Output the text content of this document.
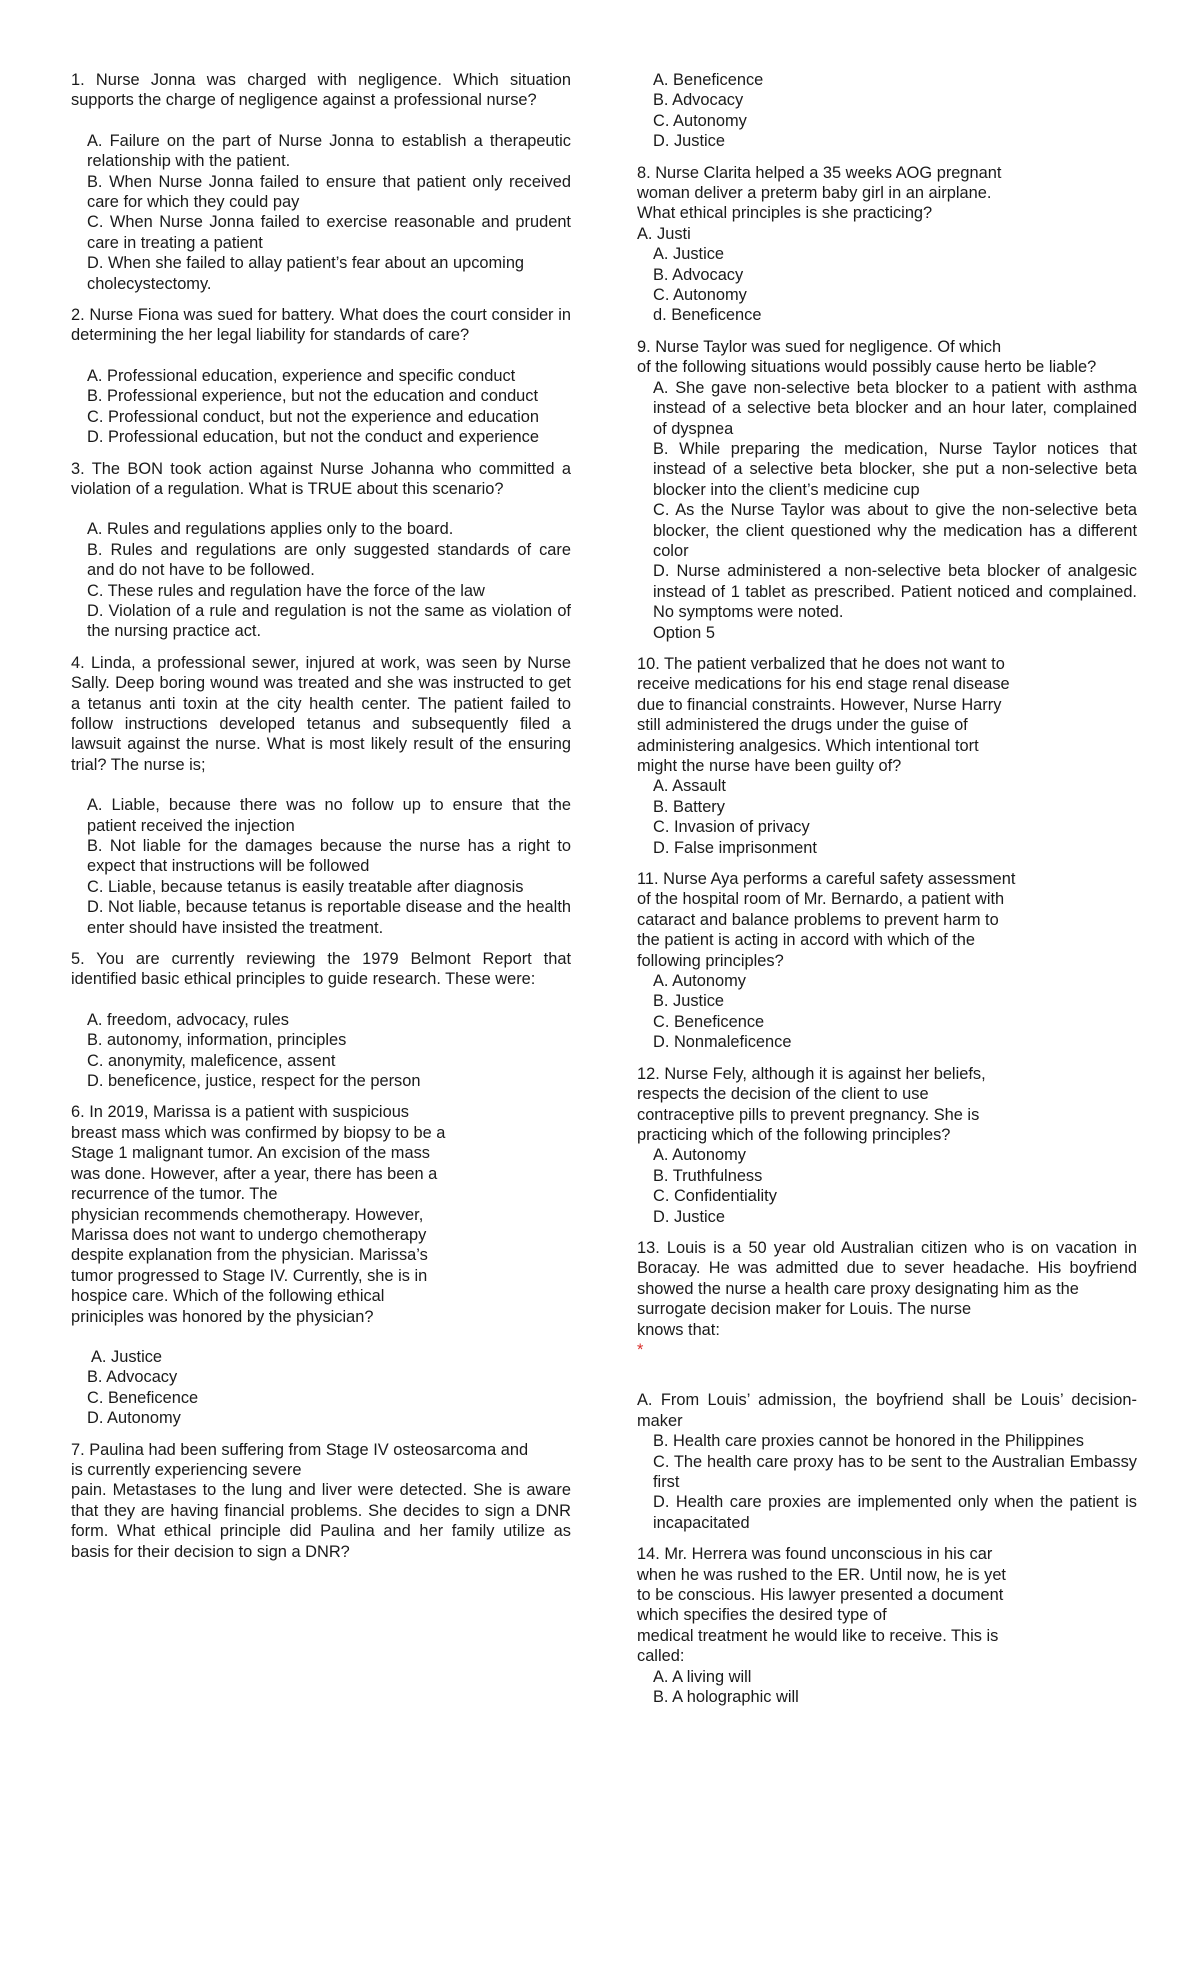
1. Nurse Jonna was charged with negligence. Which situation supports the charge of negligence against a professional nurse?
A. Failure on the part of Nurse Jonna to establish a therapeutic relationship with the patient.
B. When Nurse Jonna failed to ensure that patient only received care for which they could pay
C. When Nurse Jonna failed to exercise reasonable and prudent care in treating a patient
D. When she failed to allay patient’s fear about an upcoming cholecystectomy.
2. Nurse Fiona was sued for battery. What does the court consider in determining the her legal liability for standards of care?
A. Professional education, experience and specific conduct
B. Professional experience, but not the education and conduct
C. Professional conduct, but not the experience and education
D. Professional education, but not the conduct and experience
3. The BON took action against Nurse Johanna who committed a violation of a regulation. What is TRUE about this scenario?
A. Rules and regulations applies only to the board.
B. Rules and regulations are only suggested standards of care and do not have to be followed.
C. These rules and regulation have the force of the law
D. Violation of a rule and regulation is not the same as violation of the nursing practice act.
4. Linda, a professional sewer, injured at work, was seen by Nurse Sally. Deep boring wound was treated and she was instructed to get a tetanus anti toxin at the city health center. The patient failed to follow instructions developed tetanus and subsequently filed a lawsuit against the nurse. What is most likely result of the ensuring trial? The nurse is;
A. Liable, because there was no follow up to ensure that the patient received the injection
B. Not liable for the damages because the nurse has a right to expect that instructions will be followed
C. Liable, because tetanus is easily treatable after diagnosis
D. Not liable, because tetanus is reportable disease and the health enter should have insisted the treatment.
5. You are currently reviewing the 1979 Belmont Report that identified basic ethical principles to guide research. These were:
A. freedom, advocacy, rules
B. autonomy, information, principles
C. anonymity, maleficence, assent
D. beneficence, justice, respect for the person
6. In 2019, Marissa is a patient with suspicious
breast mass which was confirmed by biopsy to be a
Stage 1 malignant tumor. An excision of the mass
was done. However, after a year, there has been a
recurrence of the tumor. The
physician recommends chemotherapy. However,
Marissa does not want to undergo chemotherapy
despite explanation from the physician. Marissa’s
tumor progressed to Stage IV. Currently, she is in
hospice care. Which of the following ethical
priniciples was honored by the physician?
A. Justice
B. Advocacy
C. Beneficence
D. Autonomy
7. Paulina had been suffering from Stage IV osteosarcoma and
is currently experiencing severe
pain. Metastases to the lung and liver were detected. She is aware that they are having financial problems. She decides to sign a DNR form. What ethical principle did Paulina and her family utilize as basis for their decision to sign a DNR?
A. Beneficence
B. Advocacy
C. Autonomy
D. Justice
8. Nurse Clarita helped a 35 weeks AOG pregnant
woman deliver a preterm baby girl in an airplane.
What ethical principles is she practicing?
A. Justi
A. Justice
B. Advocacy
C. Autonomy
d. Beneficence
9. Nurse Taylor was sued for negligence. Of which
of the following situations would possibly cause herto be liable?
A. She gave non-selective beta blocker to a patient with asthma instead of a selective beta blocker and an hour later, complained of dyspnea
B. While preparing the medication, Nurse Taylor notices that instead of a selective beta blocker, she put a non-selective beta blocker into the client’s medicine cup
C. As the Nurse Taylor was about to give the non-selective beta blocker, the client questioned why the medication has a different color
D. Nurse administered a non-selective beta blocker of analgesic instead of 1 tablet as prescribed. Patient noticed and complained. No symptoms were noted.
Option 5
10. The patient verbalized that he does not want to
receive medications for his end stage renal disease
due to financial constraints. However, Nurse Harry
still administered the drugs under the guise of
administering analgesics. Which intentional tort
might the nurse have been guilty of?
A. Assault
B. Battery
C. Invasion of privacy
D. False imprisonment
11. Nurse Aya performs a careful safety assessment
of the hospital room of Mr. Bernardo, a patient with
cataract and balance problems to prevent harm to
the patient is acting in accord with which of the
following principles?
A. Autonomy
B. Justice
C. Beneficence
D. Nonmaleficence
12. Nurse Fely, although it is against her beliefs,
respects the decision of the client to use
contraceptive pills to prevent pregnancy. She is
practicing which of the following principles?
A. Autonomy
B. Truthfulness
C. Confidentiality
D. Justice
13. Louis is a 50 year old Australian citizen who is on vacation in Boracay. He was admitted due to sever headache. His boyfriend showed the nurse a health care proxy designating him as the
surrogate decision maker for Louis. The nurse
knows that:
*
A. From Louis’ admission, the boyfriend shall be Louis’ decision-maker
B. Health care proxies cannot be honored in the Philippines
C. The health care proxy has to be sent to the Australian Embassy first
D. Health care proxies are implemented only when the patient is incapacitated
14. Mr. Herrera was found unconscious in his car
when he was rushed to the ER. Until now, he is yet
to be conscious. His lawyer presented a document
which specifies the desired type of
medical treatment he would like to receive. This is
called:
A. A living will
B. A holographic will
